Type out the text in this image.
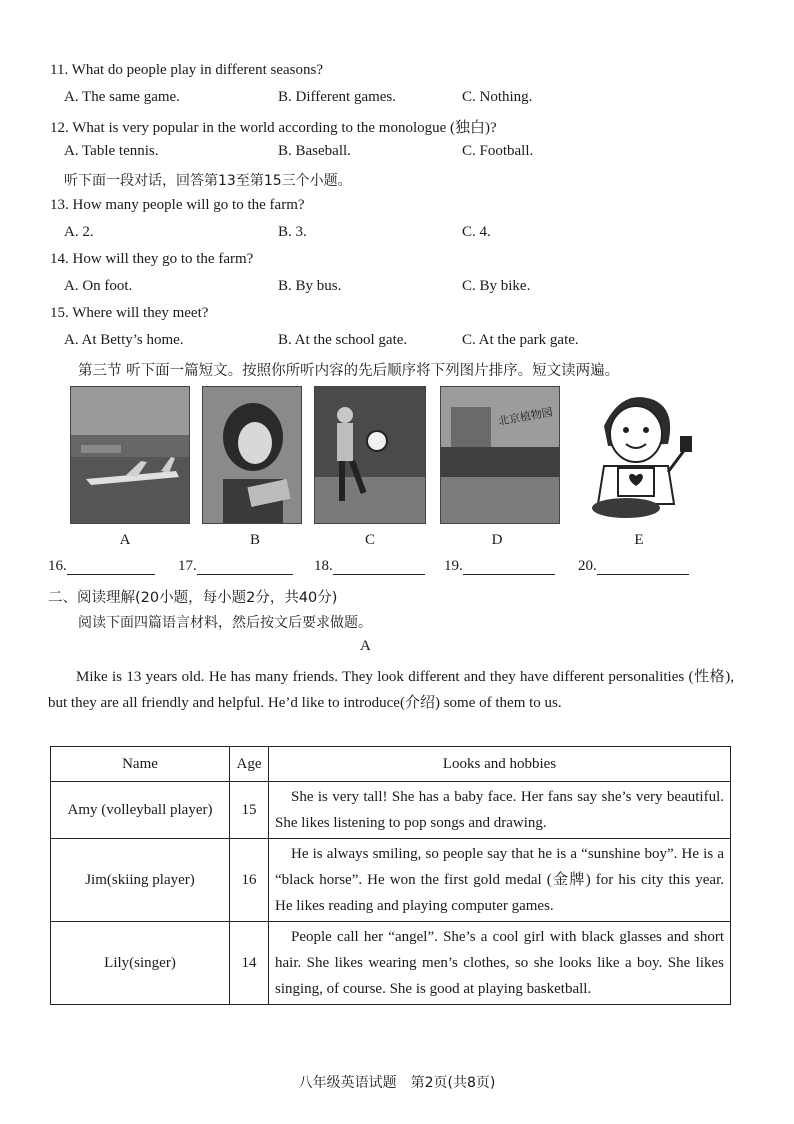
11. What do people play in different seasons?
A. The same game.	B. Different games.	C. Nothing.
12. What is very popular in the world according to the monologue (独白)?
A. Table tennis.	B. Baseball.	C. Football.
听下面一段对话，回答第13至第15三个小题。
13. How many people will go to the farm?
A. 2.	B. 3.	C. 4.
14. How will they go to the farm?
A. On foot.	B. By bus.	C. By bike.
15. Where will they meet?
A. At Betty’s home.	B. At the school gate.	C. At the park gate.
第三节 听下面一篇短文。按照你所听内容的先后顺序将下列图片排序。短文读两遍。
北京植物园
A	B	C	D	E
16.	17.	18.	19.	20.
二、阅读理解(20小题，每小题2分，共40分)
阅读下面四篇语言材料，然后按文后要求做题。
A
Mike is 13 years old. He has many friends. They look different and they have different personalities (性格), but they are all friendly and helpful. He’d like to introduce(介绍) some of them to us.
Name	Age	Looks and hobbies
Amy (volleyball player)	15	She is very tall! She has a baby face. Her fans say she’s very beautiful. She likes listening to pop songs and drawing.
Jim(skiing player)	16	He is always smiling, so people say that he is a “sunshine boy”. He is a “black horse”. He won the first gold medal (金牌) for his city this year. He likes reading and playing computer games.
Lily(singer)	14	People call her “angel”. She’s a cool girl with black glasses and short hair. She likes wearing men’s clothes, so she looks like a boy. She likes singing, of course. She is good at playing basketball.
八年级英语试题　第2页(共8页)
